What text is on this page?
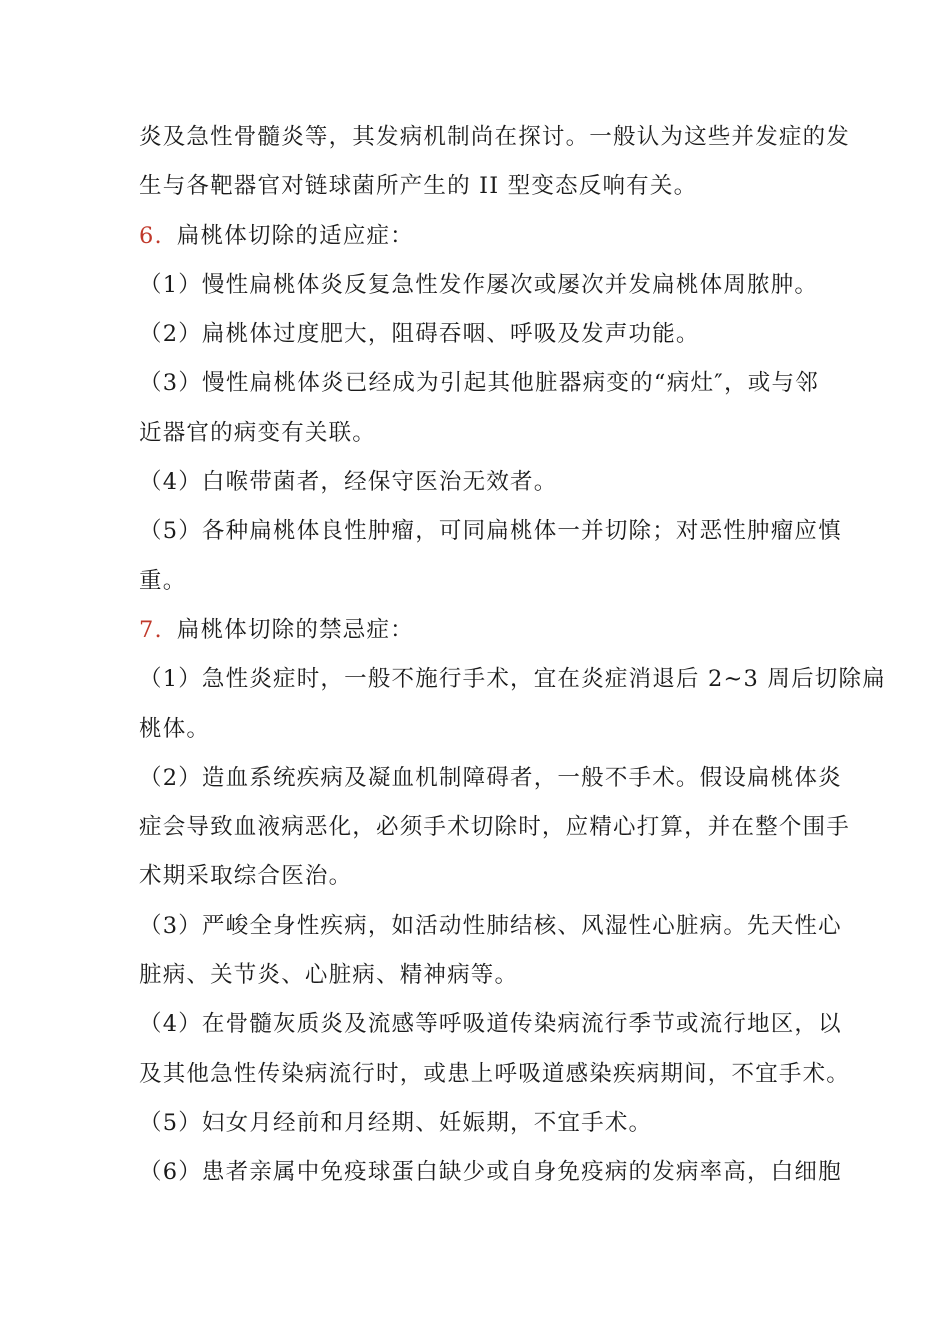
炎及急性骨髓炎等，其发病机制尚在探讨。一般认为这些并发症的发
生与各靶器官对链球菌所产生的 II 型变态反响有关。
6. 扁桃体切除的适应症：
（1）慢性扁桃体炎反复急性发作屡次或屡次并发扁桃体周脓肿。
（2）扁桃体过度肥大，阻碍吞咽、呼吸及发声功能。
（3）慢性扁桃体炎已经成为引起其他脏器病变的“病灶″，或与邻
近器官的病变有关联。
（4）白喉带菌者，经保守医治无效者。
（5）各种扁桃体良性肿瘤，可同扁桃体一并切除；对恶性肿瘤应慎
重。
7. 扁桃体切除的禁忌症：
（1）急性炎症时，一般不施行手术，宜在炎症消退后 2~3 周后切除扁
桃体。
（2）造血系统疾病及凝血机制障碍者，一般不手术。假设扁桃体炎
症会导致血液病恶化，必须手术切除时，应精心打算，并在整个围手
术期采取综合医治。
（3）严峻全身性疾病，如活动性肺结核、风湿性心脏病。先天性心
脏病、关节炎、心脏病、精神病等。
（4）在骨髓灰质炎及流感等呼吸道传染病流行季节或流行地区，以
及其他急性传染病流行时，或患上呼吸道感染疾病期间，不宜手术。
（5）妇女月经前和月经期、妊娠期，不宜手术。
（6）患者亲属中免疫球蛋白缺少或自身免疫病的发病率高，白细胞
